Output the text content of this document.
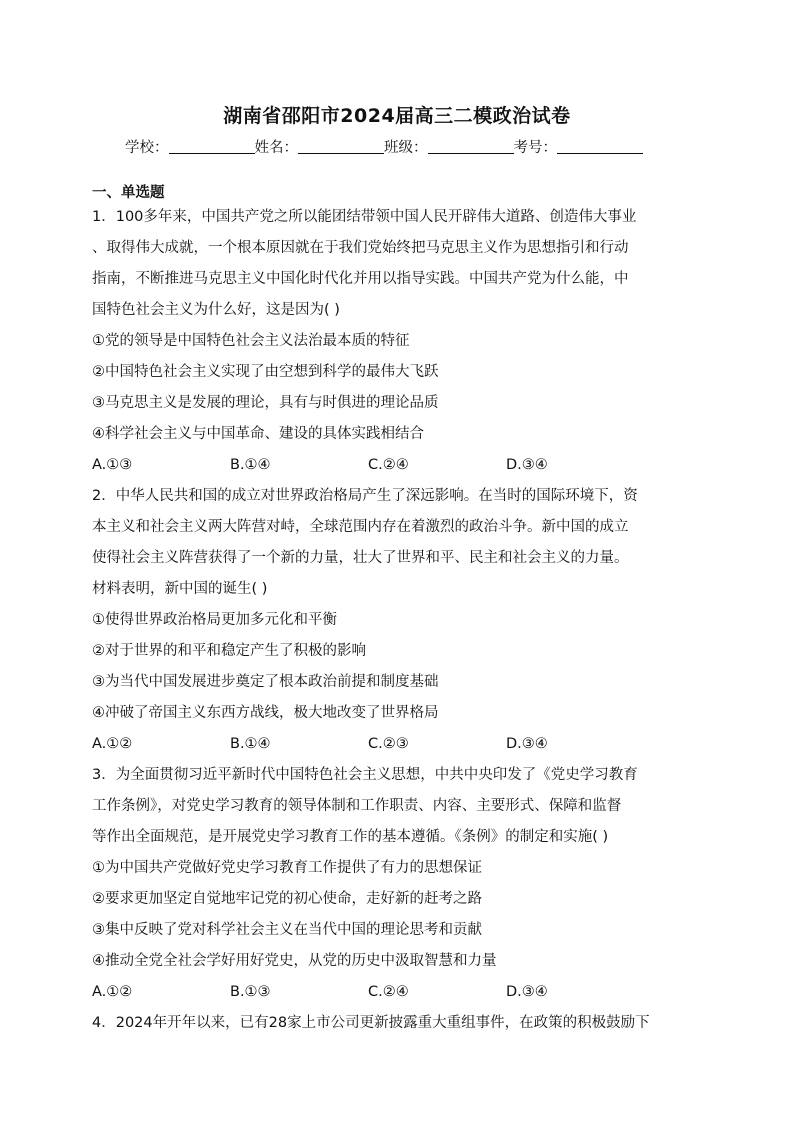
湖南省邵阳市2024届高三二模政治试卷
学校：	姓名：	班级：	考号：
一、单选题
1．100多年来，中国共产党之所以能团结带领中国人民开辟伟大道路、创造伟大事业
、取得伟大成就，一个根本原因就在于我们党始终把马克思主义作为思想指引和行动
指南，不断推进马克思主义中国化时代化并用以指导实践。中国共产党为什么能，中
国特色社会主义为什么好，这是因为( )
①党的领导是中国特色社会主义法治最本质的特征
②中国特色社会主义实现了由空想到科学的最伟大飞跃
③马克思主义是发展的理论，具有与时俱进的理论品质
④科学社会主义与中国革命、建设的具体实践相结合
A.①③	B.①④	C.②④	D.③④
2．中华人民共和国的成立对世界政治格局产生了深远影响。在当时的国际环境下，资
本主义和社会主义两大阵营对峙，全球范围内存在着激烈的政治斗争。新中国的成立
使得社会主义阵营获得了一个新的力量，壮大了世界和平、民主和社会主义的力量。
材料表明，新中国的诞生( )
①使得世界政治格局更加多元化和平衡
②对于世界的和平和稳定产生了积极的影响
③为当代中国发展进步奠定了根本政治前提和制度基础
④冲破了帝国主义东西方战线，极大地改变了世界格局
A.①②	B.①④	C.②③	D.③④
3．为全面贯彻习近平新时代中国特色社会主义思想，中共中央印发了《党史学习教育
工作条例》，对党史学习教育的领导体制和工作职责、内容、主要形式、保障和监督
等作出全面规范，是开展党史学习教育工作的基本遵循。《条例》的制定和实施( )
①为中国共产党做好党史学习教育工作提供了有力的思想保证
②要求更加坚定自觉地牢记党的初心使命，走好新的赶考之路
③集中反映了党对科学社会主义在当代中国的理论思考和贡献
④推动全党全社会学好用好党史，从党的历史中汲取智慧和力量
A.①②	B.①③	C.②④	D.③④
4．2024年开年以来，已有28家上市公司更新披露重大重组事件，在政策的积极鼓励下
